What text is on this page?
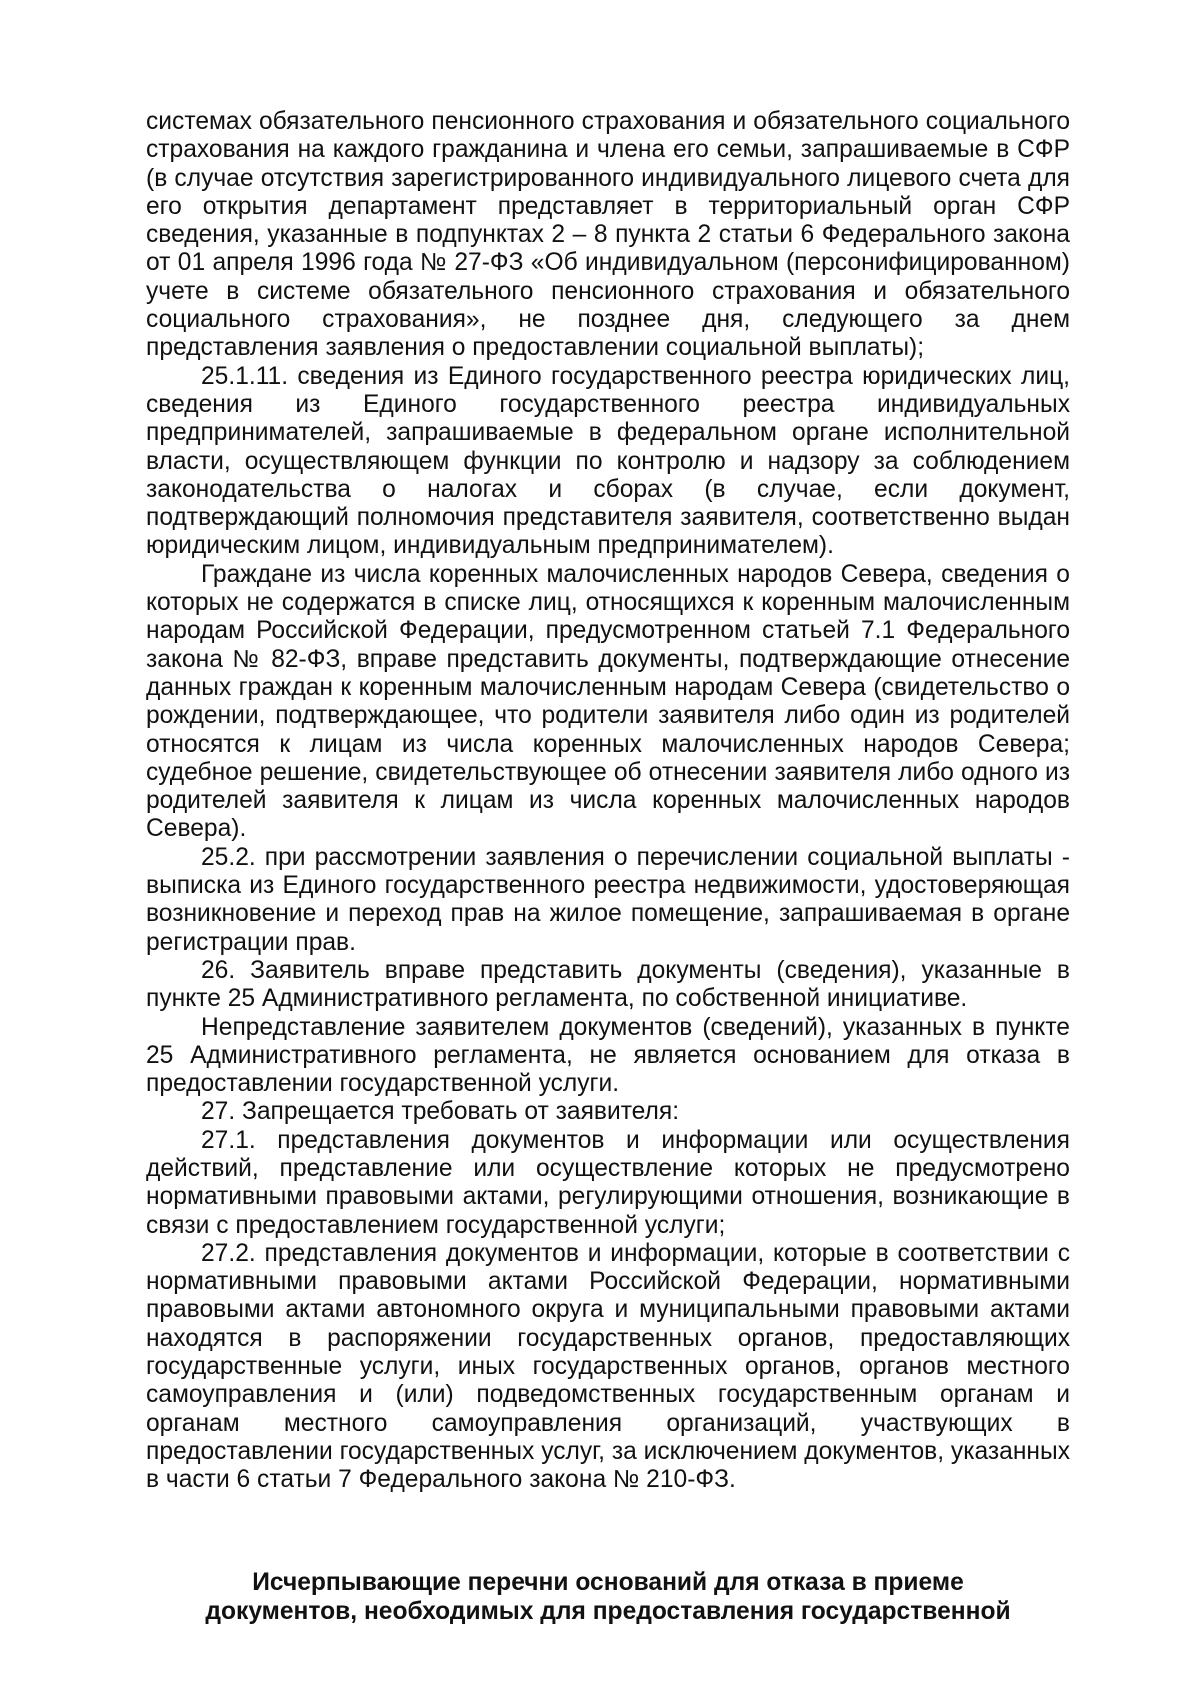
системах обязательного пенсионного страхования и обязательного социального страхования на каждого гражданина и члена его семьи, запрашиваемые в СФР (в случае отсутствия зарегистрированного индивидуального лицевого счета для его открытия департамент представляет в территориальный орган СФР сведения, указанные в подпунктах 2 – 8 пункта 2 статьи 6 Федерального закона от 01 апреля 1996 года № 27-ФЗ «Об индивидуальном (персонифицированном) учете в системе обязательного пенсионного страхования и обязательного социального страхования», не позднее дня, следующего за днем представления заявления о предоставлении социальной выплаты);

25.1.11. сведения из Единого государственного реестра юридических лиц, сведения из Единого государственного реестра индивидуальных предпринимателей, запрашиваемые в федеральном органе исполнительной власти, осуществляющем функции по контролю и надзору за соблюдением законодательства о налогах и сборах (в случае, если документ, подтверждающий полномочия представителя заявителя, соответственно выдан юридическим лицом, индивидуальным предпринимателем).

Граждане из числа коренных малочисленных народов Севера, сведения о которых не содержатся в списке лиц, относящихся к коренным малочисленным народам Российской Федерации, предусмотренном статьей 7.1 Федерального закона № 82-ФЗ, вправе представить документы, подтверждающие отнесение данных граждан к коренным малочисленным народам Севера (свидетельство о рождении, подтверждающее, что родители заявителя либо один из родителей относятся к лицам из числа коренных малочисленных народов Севера; судебное решение, свидетельствующее об отнесении заявителя либо одного из родителей заявителя к лицам из числа коренных малочисленных народов Севера).

25.2. при рассмотрении заявления о перечислении социальной выплаты - выписка из Единого государственного реестра недвижимости, удостоверяющая возникновение и переход прав на жилое помещение, запрашиваемая в органе регистрации прав.

26. Заявитель вправе представить документы (сведения), указанные в пункте 25 Административного регламента, по собственной инициативе.

Непредставление заявителем документов (сведений), указанных в пункте 25 Административного регламента, не является основанием для отказа в предоставлении государственной услуги.

27. Запрещается требовать от заявителя:

27.1. представления документов и информации или осуществления действий, представление или осуществление которых не предусмотрено нормативными правовыми актами, регулирующими отношения, возникающие в связи с предоставлением государственной услуги;

27.2. представления документов и информации, которые в соответствии с нормативными правовыми актами Российской Федерации, нормативными правовыми актами автономного округа и муниципальными правовыми актами находятся в распоряжении государственных органов, предоставляющих государственные услуги, иных государственных органов, органов местного самоуправления и (или) подведомственных государственным органам и органам местного самоуправления организаций, участвующих в предоставлении государственных услуг, за исключением документов, указанных в части 6 статьи 7 Федерального закона № 210-ФЗ.

Исчерпывающие перечни оснований для отказа в приеме
документов, необходимых для предоставления государственной
